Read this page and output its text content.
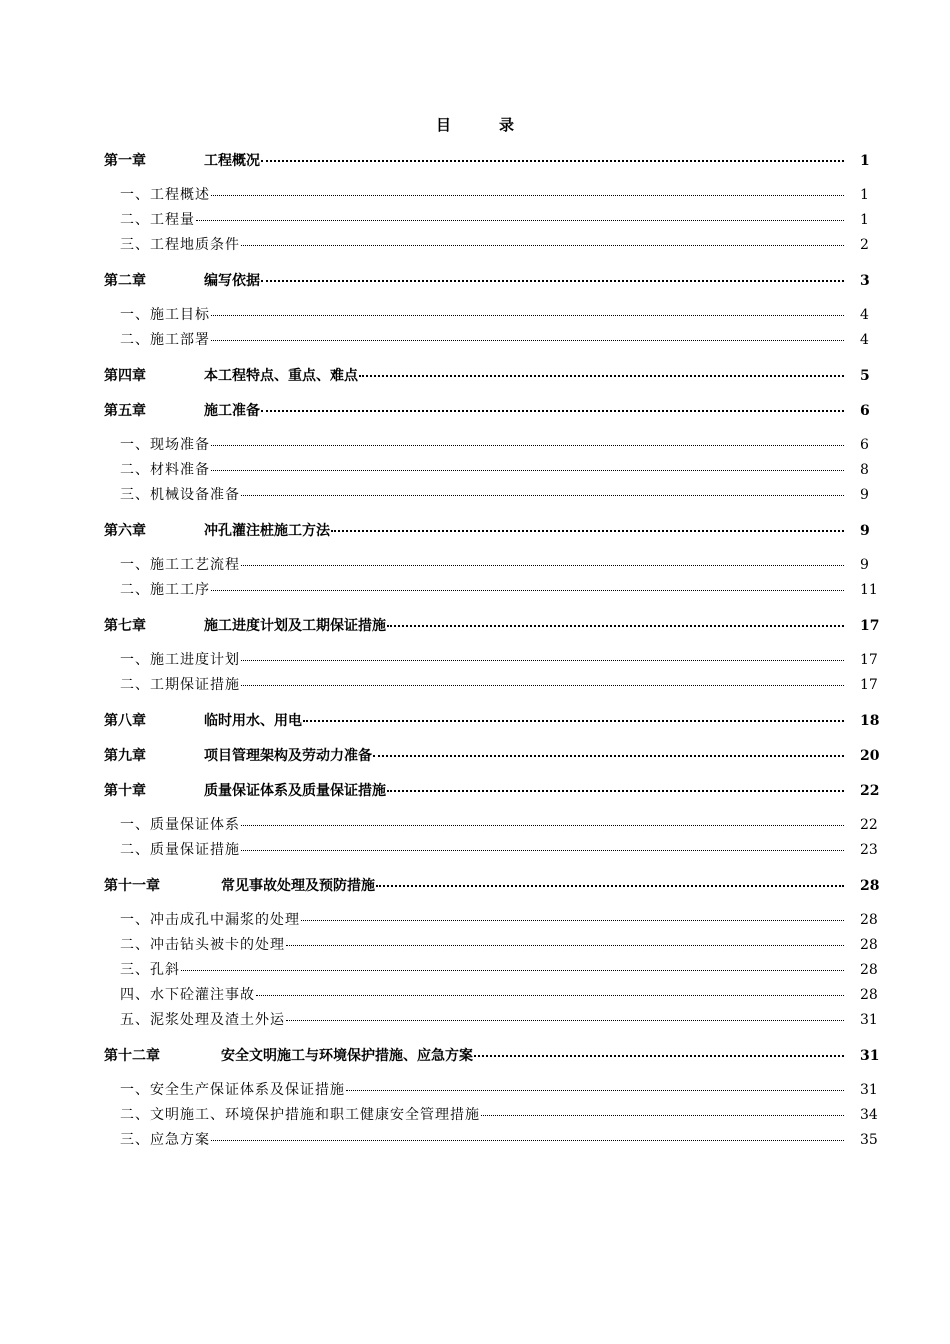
目	录
第一章	工程概况	1
一、工程概述	1
二、工程量	1
三、工程地质条件	2
第二章	编写依据	3
一、施工目标	4
二、施工部署	4
第四章	本工程特点、重点、难点	5
第五章	施工准备	6
一、现场准备	6
二、材料准备	8
三、机械设备准备	9
第六章	冲孔灌注桩施工方法	9
一、施工工艺流程	9
二、施工工序	11
第七章	施工进度计划及工期保证措施	17
一、施工进度计划	17
二、工期保证措施	17
第八章	临时用水、用电	18
第九章	项目管理架构及劳动力准备	20
第十章	质量保证体系及质量保证措施	22
一、质量保证体系	22
二、质量保证措施	23
第十一章	常见事故处理及预防措施	28
一、冲击成孔中漏浆的处理	28
二、冲击钻头被卡的处理	28
三、孔斜	28
四、水下砼灌注事故	28
五、泥浆处理及渣土外运	31
第十二章	安全文明施工与环境保护措施、应急方案	31
一、安全生产保证体系及保证措施	31
二、文明施工、环境保护措施和职工健康安全管理措施	34
三、应急方案	35
